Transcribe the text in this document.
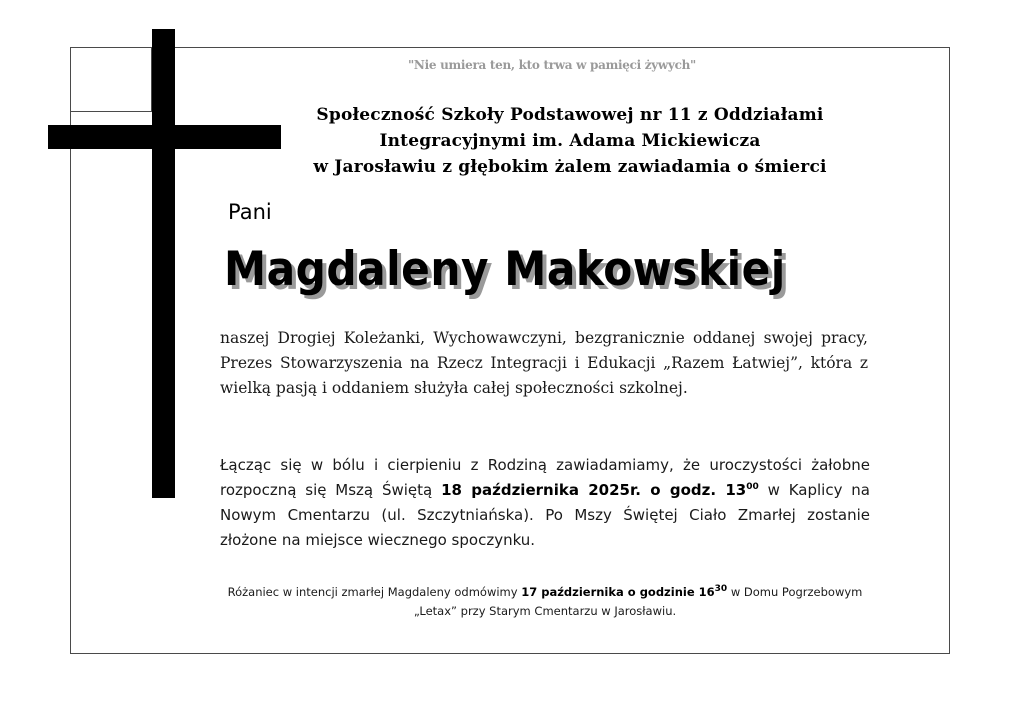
"Nie umiera ten, kto trwa w pamięci żywych"
Społeczność Szkoły Podstawowej nr 11 z Oddziałami
Integracyjnymi im. Adama Mickiewicza
w Jarosławiu z głębokim żalem zawiadamia o śmierci
Pani
Magdaleny Makowskiej
naszej Drogiej Koleżanki, Wychowawczyni, bezgranicznie oddanej swojej pracy, Prezes Stowarzyszenia na Rzecz Integracji i Edukacji „Razem Łatwiej”, która z wielką pasją i oddaniem służyła całej społeczności szkolnej.
Łącząc się w bólu i cierpieniu z Rodziną zawiadamiamy, że uroczystości żałobne rozpoczną się Mszą Świętą 18 października 2025r. o godz. $13^{00}$ w Kaplicy na Nowym Cmentarzu (ul. Szczytniańska). Po Mszy Świętej Ciało Zmarłej zostanie złożone na miejsce wiecznego spoczynku.
Różaniec w intencji zmarłej Magdaleny odmówimy 17 października o godzinie $16^{30}$ w Domu Pogrzebowym „Letax” przy Starym Cmentarzu w Jarosławiu.
